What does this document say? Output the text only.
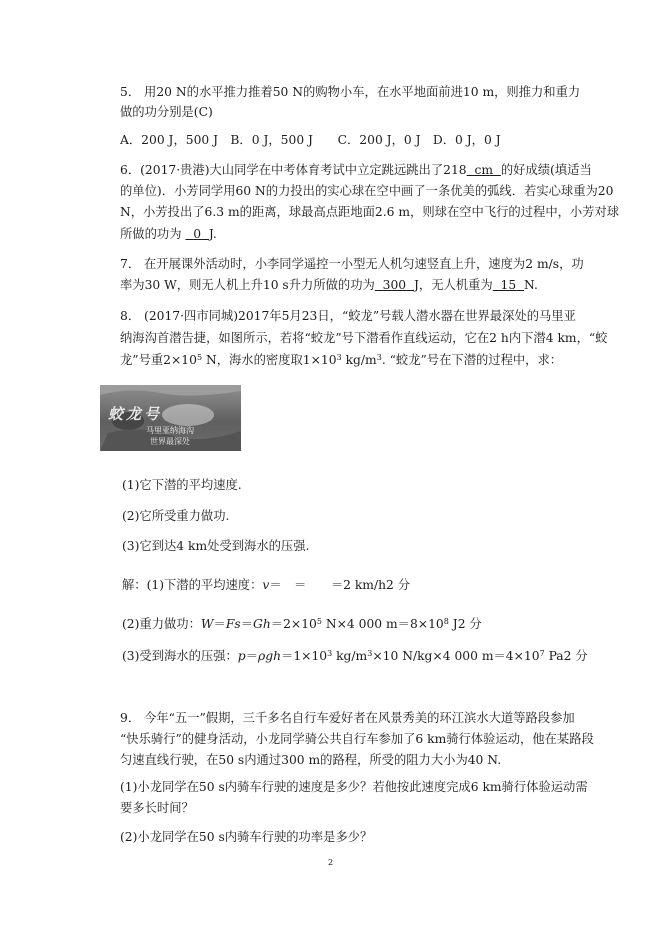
5． 用20 N的水平推力推着50 N的购物小车，在水平地面前进10 m，则推力和重力
做的功分别是(C)
A．200 J，500 J　B．0 J，500 J　　C．200 J，0 J　D．0 J，0 J
6．(2017·贵港)大山同学在中考体育考试中立定跳远跳出了218 cm 的好成绩(填适当
的单位)．小芳同学用60 N的力投出的实心球在空中画了一条优美的弧线．若实心球重为20
N，小芳投出了6.3 m的距离，球最高点距地面2.6 m，则球在空中飞行的过程中，小芳对球
所做的功为 0 J.
7． 在开展课外活动时，小李同学遥控一小型无人机匀速竖直上升，速度为2 m/s，功
率为30 W，则无人机上升10 s升力所做的功为 300 J，无人机重为 15 N.
8． (2017·四市同城)2017年5月23日，“蛟龙”号载人潜水器在世界最深处的马里亚
纳海沟首潜告捷，如图所示，若将“蛟龙”号下潜看作直线运动，它在2 h内下潜4 km，“蛟
龙”号重$2\times 10^5$ N，海水的密度取$1\times 10^3$ $kg/m^3$. “蛟龙”号在下潜的过程中，求：
蛟龙号
马里亚纳海沟
世界最深处
(1)它下潜的平均速度.
(2)它所受重力做功.
(3)它到达4 km处受到海水的压强.
解：(1)下潜的平均速度：v＝　＝　　＝2 km/h2 分
(2)重力做功：$W=Fs=Gh=2\times 10^5$ N×4 000 $m=8\times 10^8$ J2 分
(3)受到海水的压强：$p=\rho gh=1\times 10^3$ $kg/m^3\times 10$ N/kg×4 000 $m=4\times 10^7$ Pa2 分
9． 今年“五一”假期，三千多名自行车爱好者在风景秀美的环江滨水大道等路段参加
“快乐骑行”的健身活动，小龙同学骑公共自行车参加了6 km骑行体验运动，他在某路段
匀速直线行驶，在50 s内通过300 m的路程，所受的阻力大小为40 N.
(1)小龙同学在50 s内骑车行驶的速度是多少？若他按此速度完成6 km骑行体验运动需
要多长时间？
(2)小龙同学在50 s内骑车行驶的功率是多少？
2
